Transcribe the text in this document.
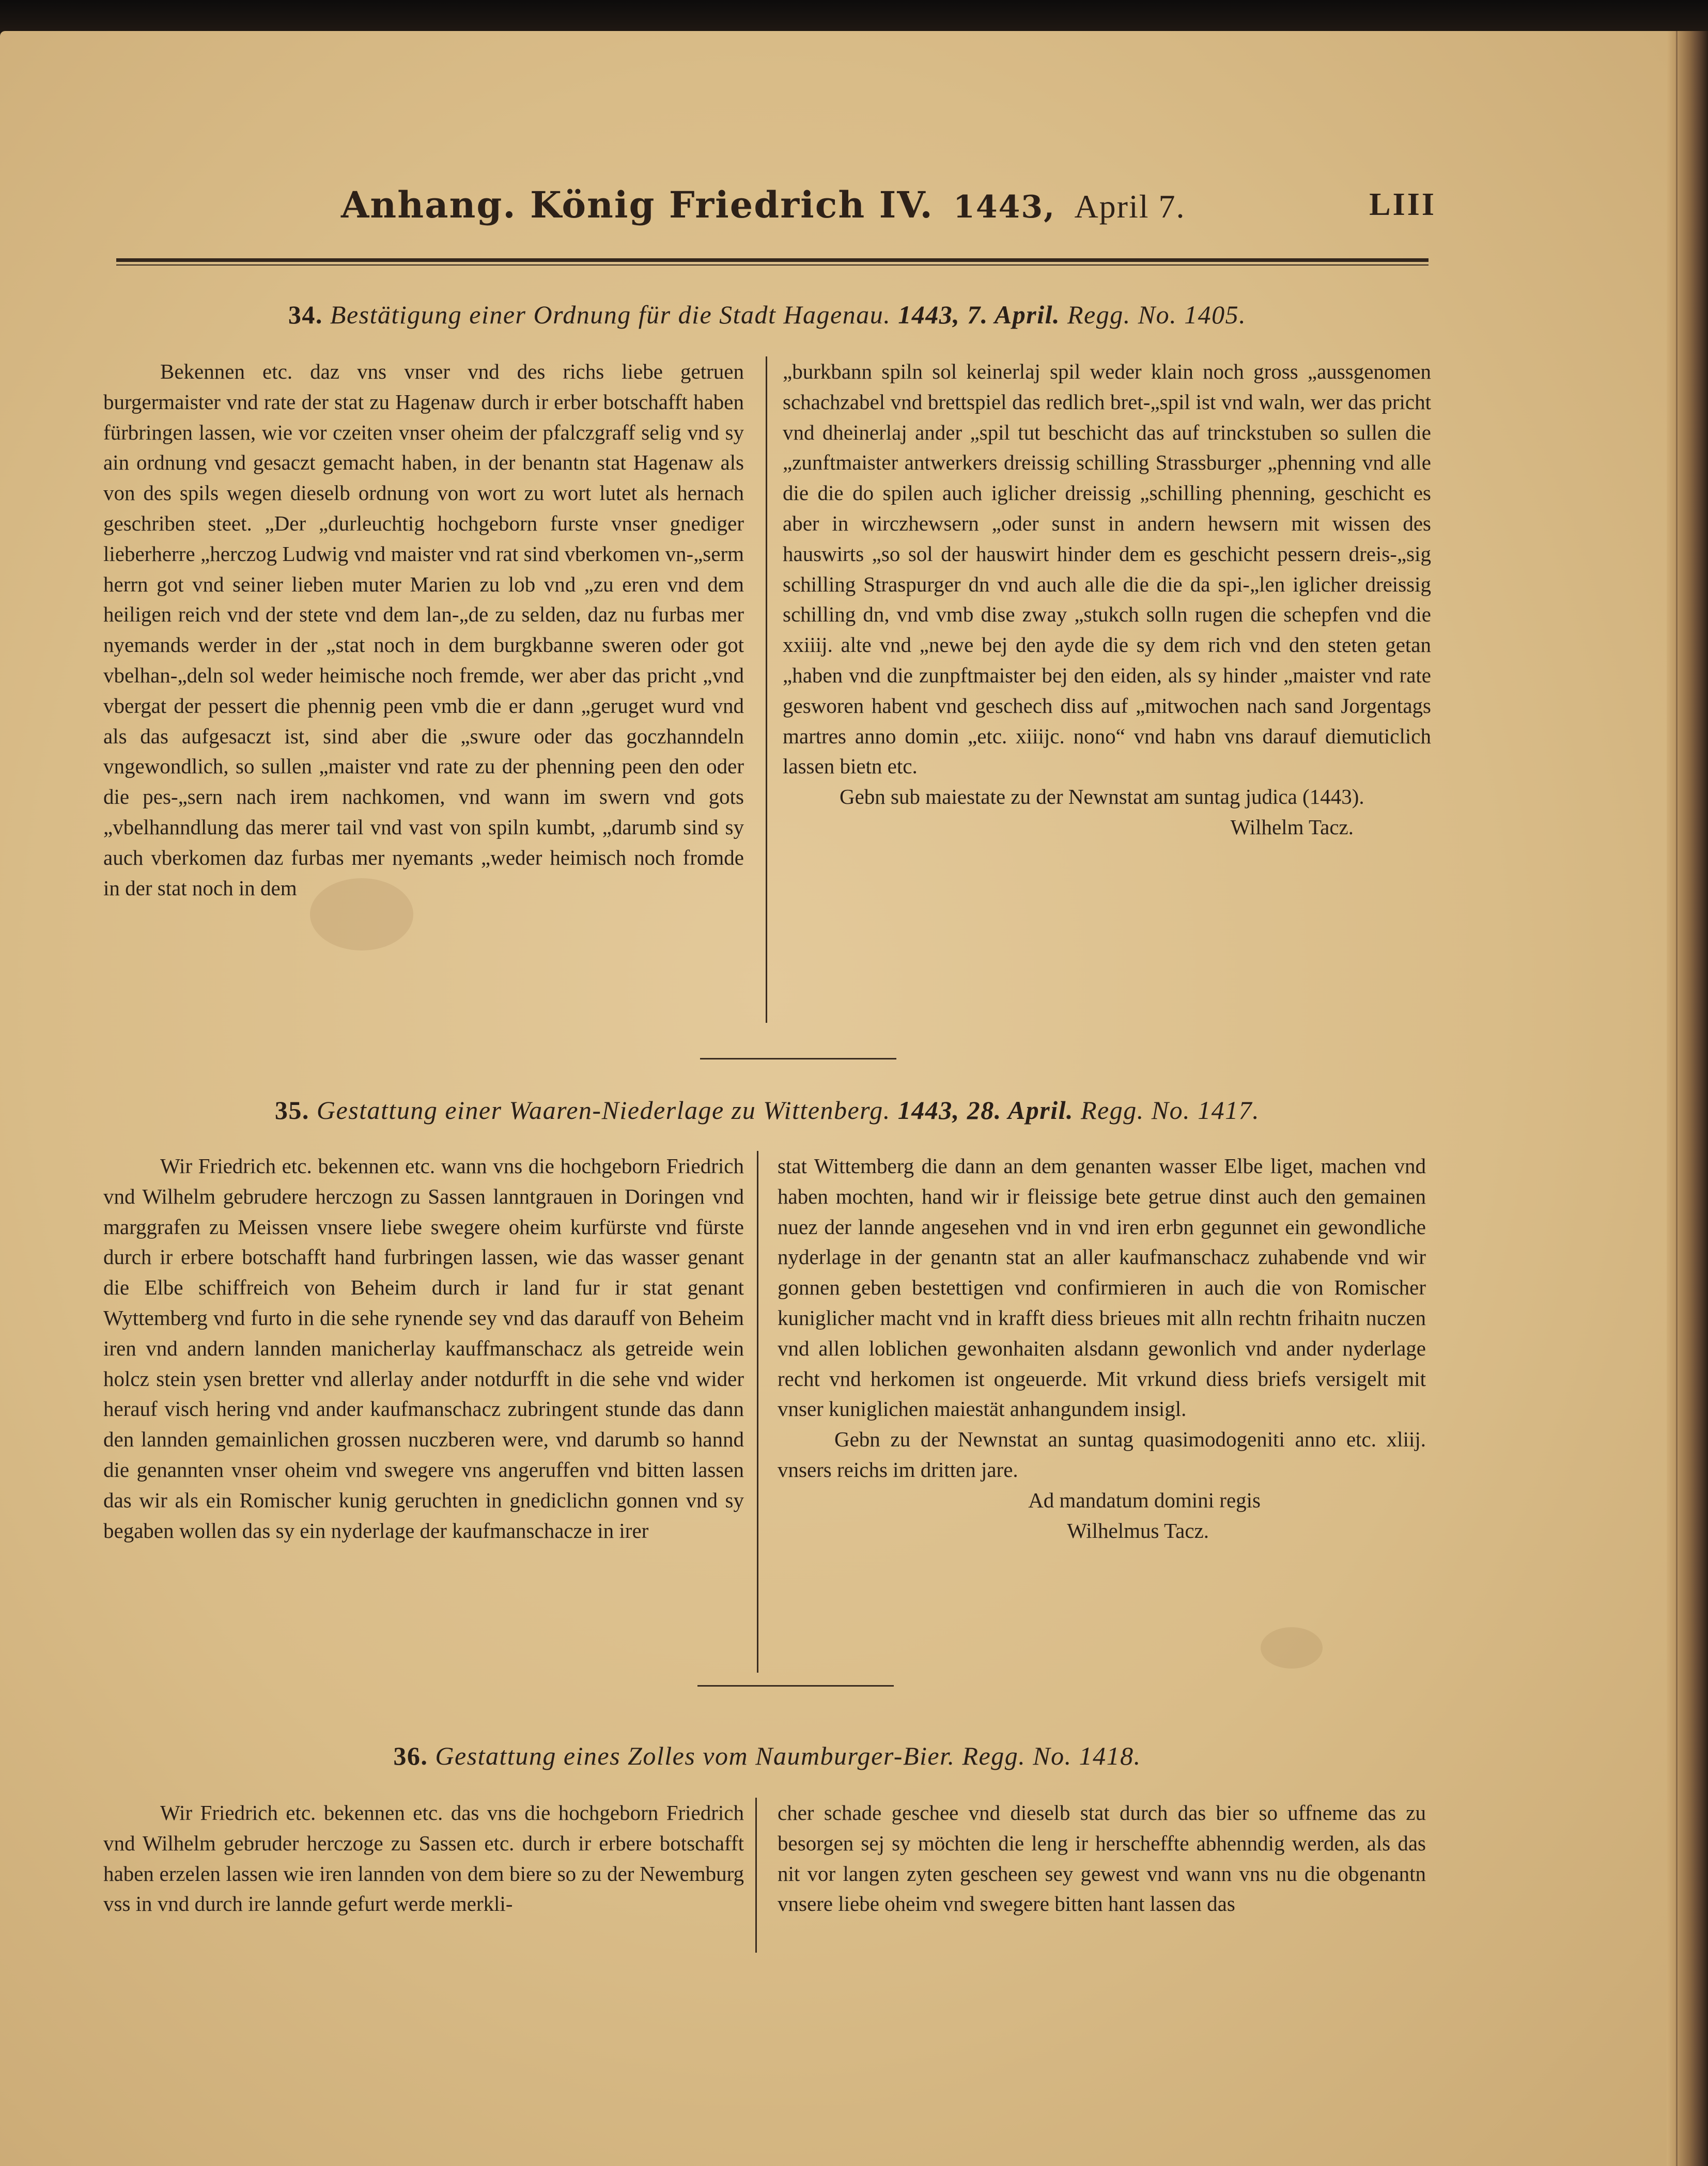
Anhang. König Friedrich IV. 1443, April 7.	LIII
34. Bestätigung einer Ordnung für die Stadt Hagenau. 1443, 7. April. Regg. No. 1405.

Bekennen etc. daz vns vnser vnd des richs liebe getruen burgermaister vnd rate der stat zu Hagenaw durch ir erber botschafft haben fürbringen lassen, wie vor czeiten vnser oheim der pfalczgraff selig vnd sy ain ordnung vnd gesaczt gemacht haben, in der benantn stat Hagenaw als von des spils wegen dieselb ordnung von wort zu wort lutet als hernach geschriben steet. „Der „durleuchtig hochgeborn furste vnser gnediger lieberherre „herczog Ludwig vnd maister vnd rat sind vberkomen vn-„serm herrn got vnd seiner lieben muter Marien zu lob vnd „zu eren vnd dem heiligen reich vnd der stete vnd dem lan-„de zu selden, daz nu furbas mer nyemands werder in der „stat noch in dem burgkbanne sweren oder got vbelhan-„deln sol weder heimische noch fremde, wer aber das pricht „vnd vbergat der pessert die phennig peen vmb die er dann „geruget wurd vnd als das aufgesaczt ist, sind aber die „swure oder das goczhanndeln vngewondlich, so sullen „maister vnd rate zu der phenning peen den oder die pes-„sern nach irem nachkomen, vnd wann im swern vnd gots „vbelhanndlung das merer tail vnd vast von spiln kumbt, „darumb sind sy auch vberkomen daz furbas mer nyemants „weder heimisch noch fromde in der stat noch in dem

„burkbann spiln sol keinerlaj spil weder klain noch gross „aussgenomen schachzabel vnd brettspiel das redlich bret-„spil ist vnd waln, wer das pricht vnd dheinerlaj ander „spil tut beschicht das auf trinckstuben so sullen die „zunftmaister antwerkers dreissig schilling Strassburger „phenning vnd alle die die do spilen auch iglicher dreissig „schilling phenning, geschicht es aber in wirczhewsern „oder sunst in andern hewsern mit wissen des hauswirts „so sol der hauswirt hinder dem es geschicht pessern dreis-„sig schilling Straspurger dn vnd auch alle die die da spi-„len iglicher dreissig schilling dn, vnd vmb dise zway „stukch solln rugen die schepfen vnd die xxiiij. alte vnd „newe bej den ayde die sy dem rich vnd den steten getan „haben vnd die zunpftmaister bej den eiden, als sy hinder „maister vnd rate gesworen habent vnd geschech diss auf „mitwochen nach sand Jorgentags martres anno domin „etc. xiiijc. nono“ vnd habn vns darauf diemuticlich lassen bietn etc.

Gebn sub maiestate zu der Newnstat am suntag judica (1443).

Wilhelm Tacz.

35. Gestattung einer Waaren-Niederlage zu Wittenberg. 1443, 28. April. Regg. No. 1417.

Wir Friedrich etc. bekennen etc. wann vns die hochgeborn Friedrich vnd Wilhelm gebrudere herczogn zu Sassen lanntgrauen in Doringen vnd marggrafen zu Meissen vnsere liebe swegere oheim kurfürste vnd fürste durch ir erbere botschafft hand furbringen lassen, wie das wasser genant die Elbe schiffreich von Beheim durch ir land fur ir stat genant Wyttemberg vnd furto in die sehe rynende sey vnd das darauff von Beheim iren vnd andern lannden manicherlay kauffmanschacz als getreide wein holcz stein ysen bretter vnd allerlay ander notdurfft in die sehe vnd wider herauf visch hering vnd ander kaufmanschacz zubringent stunde das dann den lannden gemainlichen grossen nuczberen were, vnd darumb so hannd die genannten vnser oheim vnd swegere vns angeruffen vnd bitten lassen das wir als ein Romischer kunig geruchten in gnediclichn gonnen vnd sy begaben wollen das sy ein nyderlage der kaufmanschacze in irer

stat Wittemberg die dann an dem genanten wasser Elbe liget, machen vnd haben mochten, hand wir ir fleissige bete getrue dinst auch den gemainen nuez der lannde angesehen vnd in vnd iren erbn gegunnet ein gewondliche nyderlage in der genantn stat an aller kaufmanschacz zuhabende vnd wir gonnen geben bestettigen vnd confirmieren in auch die von Romischer kuniglicher macht vnd in krafft diess brieues mit alln rechtn frihaitn nuczen vnd allen loblichen gewonhaiten alsdann gewonlich vnd ander nyderlage recht vnd herkomen ist ongeuerde. Mit vrkund diess briefs versigelt mit vnser kuniglichen maiestät anhangundem insigl.

Gebn zu der Newnstat an suntag quasimodogeniti anno etc. xliij. vnsers reichs im dritten jare.

Ad mandatum domini regis

Wilhelmus Tacz.

36. Gestattung eines Zolles vom Naumburger-Bier. Regg. No. 1418.

Wir Friedrich etc. bekennen etc. das vns die hochgeborn Friedrich vnd Wilhelm gebruder herczoge zu Sassen etc. durch ir erbere botschafft haben erzelen lassen wie iren lannden von dem biere so zu der Newemburg vss in vnd durch ire lannde gefurt werde merkli-

cher schade geschee vnd dieselb stat durch das bier so uffneme das zu besorgen sej sy möchten die leng ir herscheffte abhenndig werden, als das nit vor langen zyten gescheen sey gewest vnd wann vns nu die obgenantn vnsere liebe oheim vnd swegere bitten hant lassen das
